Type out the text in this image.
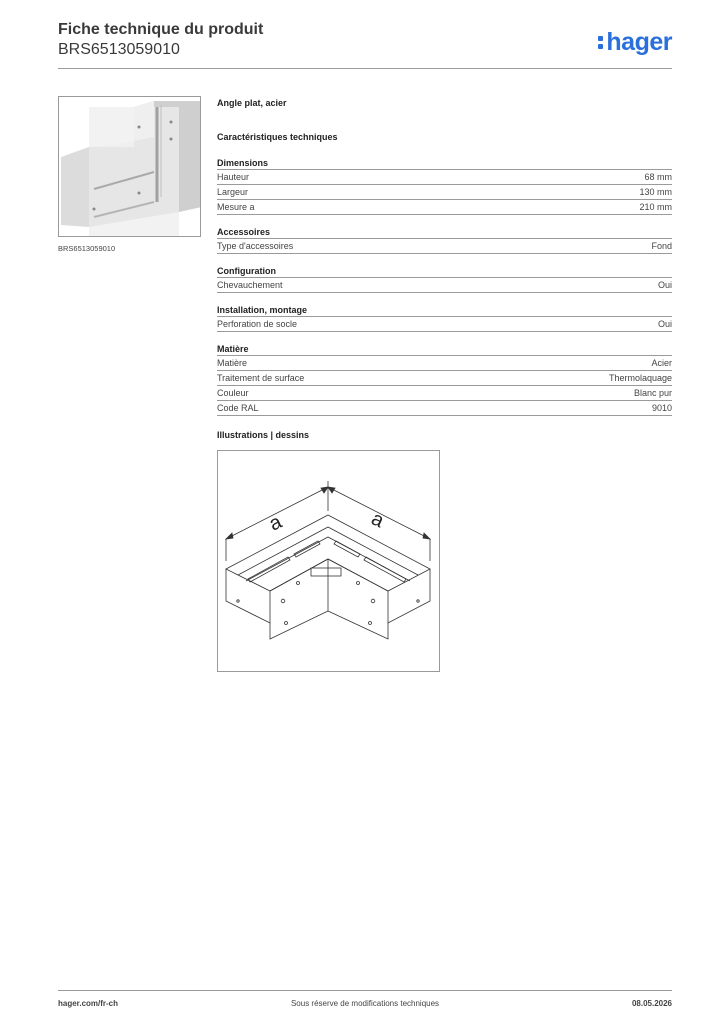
Fiche technique du produit
BRS6513059010	hager
BRS6513059010
Angle plat, acier
Caractéristiques techniques
Dimensions
Hauteur	68 mm
Largeur	130 mm
Mesure a	210 mm
Accessoires
Type d'accessoires	Fond
Configuration
Chevauchement	Oui
Installation, montage
Perforation de socle	Oui
Matière
Matière	Acier
Traitement de surface	Thermolaquage
Couleur	Blanc pur
Code RAL	9010
Illustrations | dessins
a	a
hager.com/fr-ch	Sous réserve de modifications techniques	08.05.2026
